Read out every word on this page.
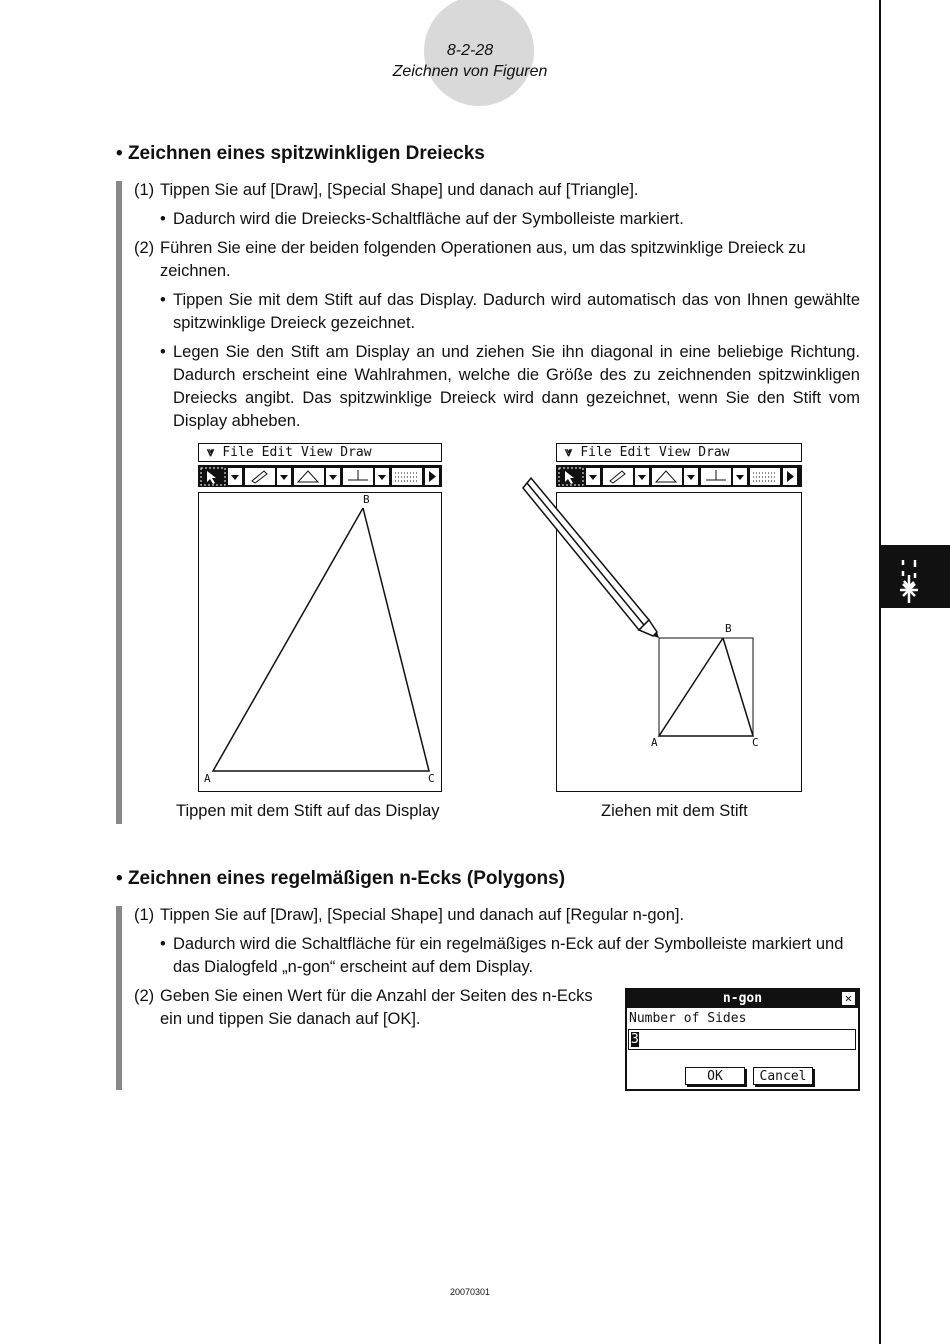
8-2-28
Zeichnen von Figuren
• Zeichnen eines spitzwinkligen Dreiecks
(1) Tippen Sie auf [Draw], [Special Shape] und danach auf [Triangle].
• Dadurch wird die Dreiecks-Schaltfläche auf der Symbolleiste markiert.
(2) Führen Sie eine der beiden folgenden Operationen aus, um das spitzwinklige Dreieck zu zeichnen.
• Tippen Sie mit dem Stift auf das Display. Dadurch wird automatisch das von Ihnen gewählte spitzwinklige Dreieck gezeichnet.
• Legen Sie den Stift am Display an und ziehen Sie ihn diagonal in eine beliebige Richtung. Dadurch erscheint eine Wahlrahmen, welche die Größe des zu zeichnenden spitzwinkligen Dreiecks angibt. Das spitzwinklige Dreieck wird dann gezeichnet, wenn Sie den Stift vom Display abheben.
⩔ File Edit View Draw
B
A	C
⩔ File Edit View Draw
B
A	C
Tippen mit dem Stift auf das Display	Ziehen mit dem Stift
• Zeichnen eines regelmäßigen n-Ecks (Polygons)
(1) Tippen Sie auf [Draw], [Special Shape] und danach auf [Regular n-gon].
• Dadurch wird die Schaltfläche für ein regelmäßiges n-Eck auf der Symbolleiste markiert und das Dialogfeld „n-gon“ erscheint auf dem Display.
(2) Geben Sie einen Wert für die Anzahl der Seiten des n-Ecks ein und tippen Sie danach auf [OK].
n-gon	✕
Number of Sides
3
OK	Cancel
20070301
